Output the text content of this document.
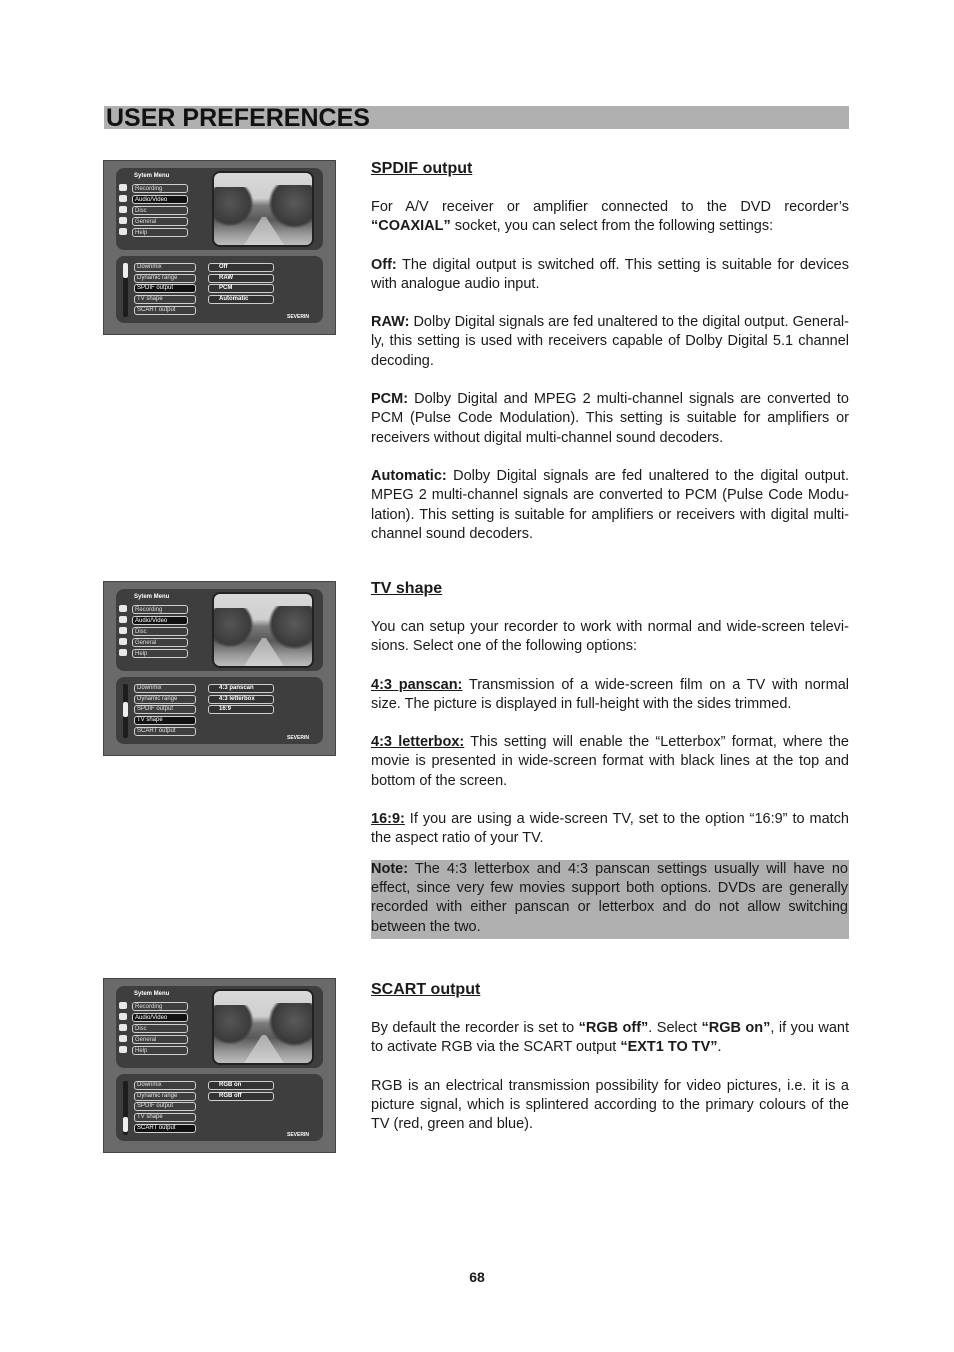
USER PREFERENCES
Sytem Menu
Recording
Audio/Video
Disc
General
Help
Downmix
Dynamic range
SPDIF output
TV shape
SCART output
Off
RAW
PCM
Automatic
SEVERIN
Sytem Menu
Recording
Audio/Video
Disc
General
Help
Downmix
Dynamic range
SPDIF output
TV shape
SCART output
4:3 panscan
4:3 letterbox
16:9
SEVERIN
Sytem Menu
Recording
Audio/Video
Disc
General
Help
Downmix
Dynamic range
SPDIF output
TV shape
SCART output
RGB on
RGB off
SEVERIN
SPDIF output

For A/V receiver or amplifier connected to the DVD recorder’s “COAXIAL” socket, you can select from the following settings:

Off: The digital output is switched off. This setting is suitable for devices with analogue audio input.

RAW: Dolby Digital signals are fed unaltered to the digital output. General-ly, this setting is used with receivers capable of Dolby Digital 5.1 channel decoding.

PCM: Dolby Digital and MPEG 2 multi-channel signals are converted to PCM (Pulse Code Modulation). This setting is suitable for amplifiers or receivers without digital multi-channel sound decoders.

Automatic: Dolby Digital signals are fed unaltered to the digital output. MPEG 2 multi-channel signals are converted to PCM (Pulse Code Modu-lation). This setting is suitable for amplifiers or receivers with digital multi-channel sound decoders.

TV shape

You can setup your recorder to work with normal and wide-screen televi-sions. Select one of the following options:

4:3 panscan: Transmission of a wide-screen film on a TV with normal size. The picture is displayed in full-height with the sides trimmed.

4:3 letterbox: This setting will enable the “Letterbox” format, where the movie is presented in wide-screen format with black lines at the top and bottom of the screen.

16:9: If you are using a wide-screen TV, set to the option “16:9” to match the aspect ratio of your TV.

Note: The 4:3 letterbox and 4:3 panscan settings usually will have no effect, since very few movies support both options. DVDs are generally recorded with either panscan or letterbox and do not allow switching between the two.

SCART output

By default the recorder is set to “RGB off”. Select “RGB on”, if you want to activate RGB via the SCART output “EXT1 TO TV”.

RGB is an electrical transmission possibility for video pictures, i.e. it is a picture signal, which is splintered according to the primary colours of the TV (red, green and blue).

68
